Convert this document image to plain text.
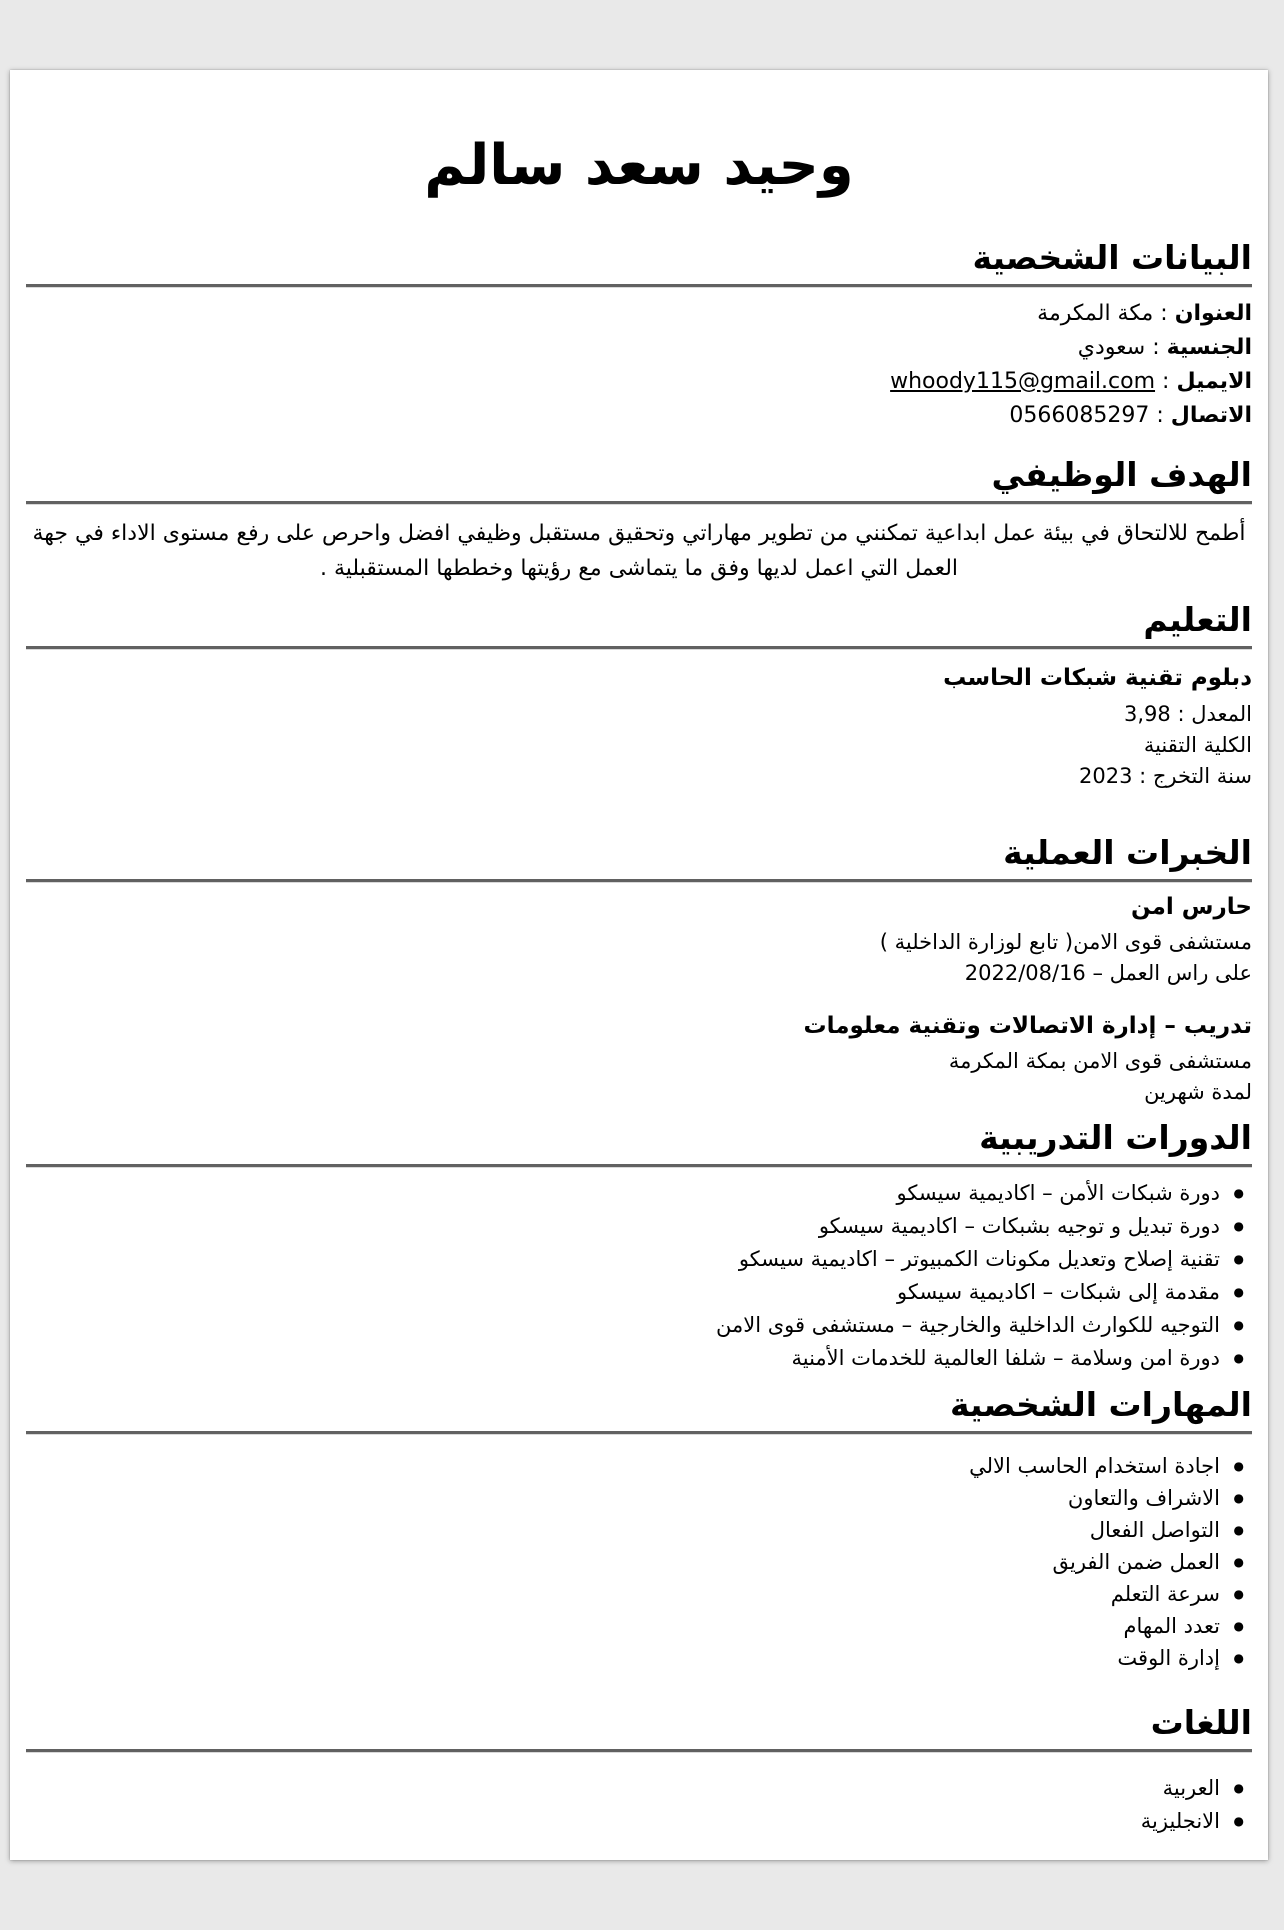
وحيد سعد سالم
البيانات الشخصية
العنوان : مكة المكرمة
الجنسية : سعودي
الايميل : whoody115@gmail.com
الاتصال : 0566085297
الهدف الوظيفي

أطمح للالتحاق في بيئة عمل ابداعية تمكنني من تطوير مهاراتي وتحقيق مستقبل وظيفي افضل واحرص على رفع مستوى الاداء في جهة العمل التي اعمل لديها وفق ما يتماشى مع رؤيتها وخططها المستقبلية .

التعليم
دبلوم تقنية شبكات الحاسب
المعدل : 3,98
الكلية التقنية
سنة التخرج : 2023
الخبرات العملية
حارس امن
مستشفى قوى الامن( تابع لوزارة الداخلية )
2022/08/16 – على راس العمل
تدريب – إدارة الاتصالات وتقنية معلومات
مستشفى قوى الامن بمكة المكرمة
لمدة شهرين
الدورات التدريبية
●
دورة شبكات الأمن – اكاديمية سيسكو
●
دورة تبديل و توجيه بشبكات – اكاديمية سيسكو
●
تقنية إصلاح وتعديل مكونات الكمبيوتر – اكاديمية سيسكو
●
مقدمة إلى شبكات – اكاديمية سيسكو
●
التوجيه للكوارث الداخلية والخارجية – مستشفى قوى الامن
●
دورة امن وسلامة – شلفا العالمية للخدمات الأمنية
المهارات الشخصية
●
اجادة استخدام الحاسب الالي
●
الاشراف والتعاون
●
التواصل الفعال
●
العمل ضمن الفريق
●
سرعة التعلم
●
تعدد المهام
●
إدارة الوقت
اللغات
●
العربية
●
الانجليزية
